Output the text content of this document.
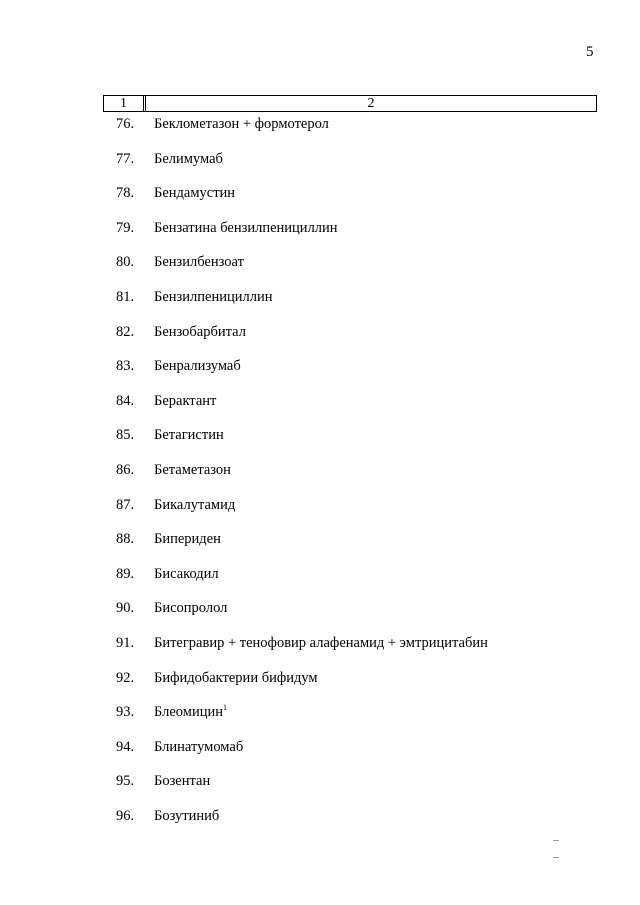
5
1	2
76.	Беклометазон + формотерол
77.	Белимумаб
78.	Бендамустин
79.	Бензатина бензилпенициллин
80.	Бензилбензоат
81.	Бензилпенициллин
82.	Бензобарбитал
83.	Бенрализумаб
84.	Берактант
85.	Бетагистин
86.	Бетаметазон
87.	Бикалутамид
88.	Бипериден
89.	Бисакодил
90.	Бисопролол
91.	Битегравир + тенофовир алафенамид + эмтрицитабин
92.	Бифидобактерии бифидум
93.	Блеомицин$^1$
94.	Блинатумомаб
95.	Бозентан
96.	Бозутиниб
